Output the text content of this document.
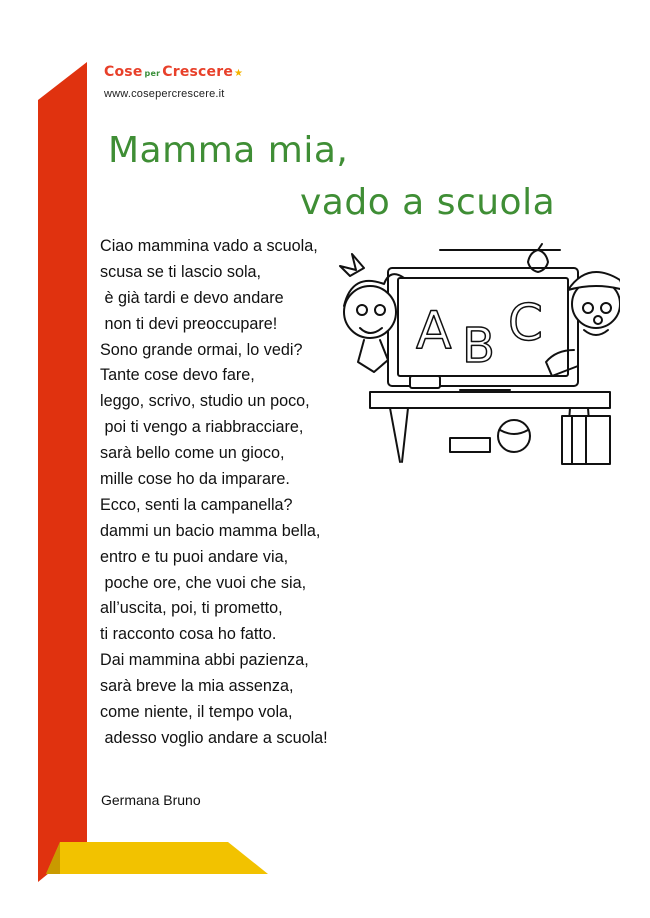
Cose per Crescere★
www.cosepercrescere.it
Mamma mia,
vado a scuola
Ciao mammina vado a scuola,
scusa se ti lascio sola,
è già tardi e devo andare
non ti devi preoccupare!
Sono grande ormai, lo vedi?
Tante cose devo fare,
leggo, scrivo, studio un poco,
poi ti vengo a riabbracciare,
sarà bello come un gioco,
mille cose ho da imparare.
Ecco, senti la campanella?
dammi un bacio mamma bella,
entro e tu puoi andare via,
poche ore, che vuoi che sia,
all’uscita, poi, ti prometto,
ti racconto cosa ho fatto.
Dai mammina abbi pazienza,
sarà breve la mia assenza,
come niente, il tempo vola,
adesso voglio andare a scuola!
Germana Bruno
A B C
